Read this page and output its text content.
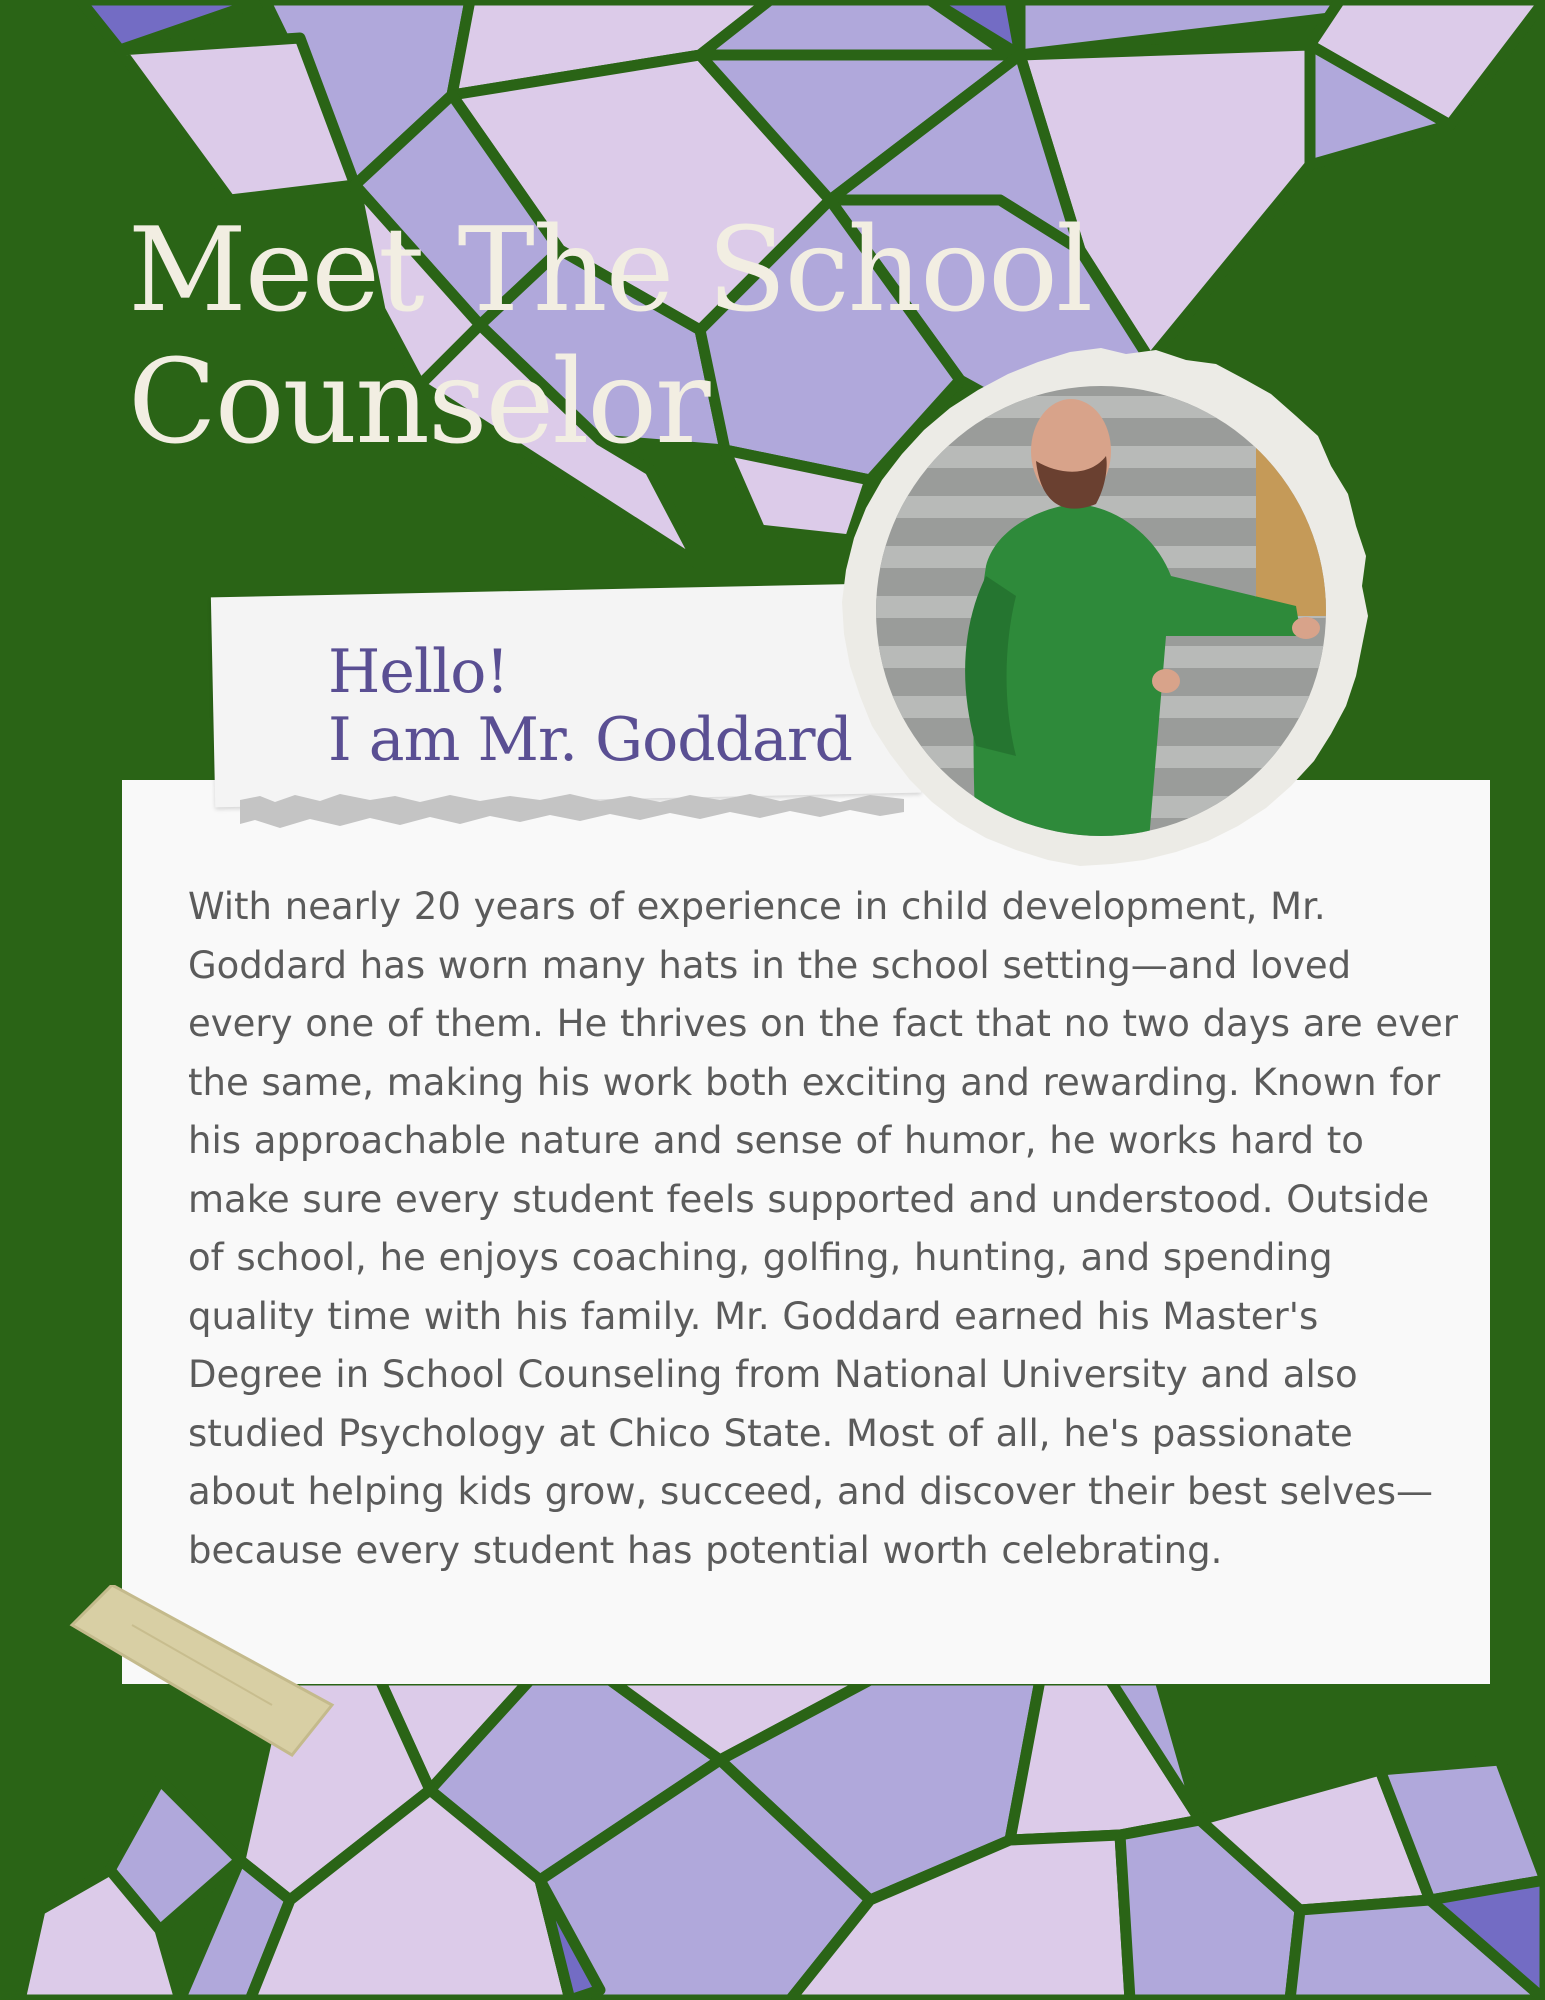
Meet The School
Counselor
Hello!
I am Mr. Goddard

With nearly 20 years of experience in child development, Mr. Goddard has worn many hats in the school setting—and loved every one of them. He thrives on the fact that no two days are ever the same, making his work both exciting and rewarding. Known for his approachable nature and sense of humor, he works hard to make sure every student feels supported and understood. Outside of school, he enjoys coaching, golfing, hunting, and spending quality time with his family. Mr. Goddard earned his Master's Degree in School Counseling from National University and also studied Psychology at Chico State. Most of all, he's passionate about helping kids grow, succeed, and discover their best selves—because every student has potential worth celebrating.
